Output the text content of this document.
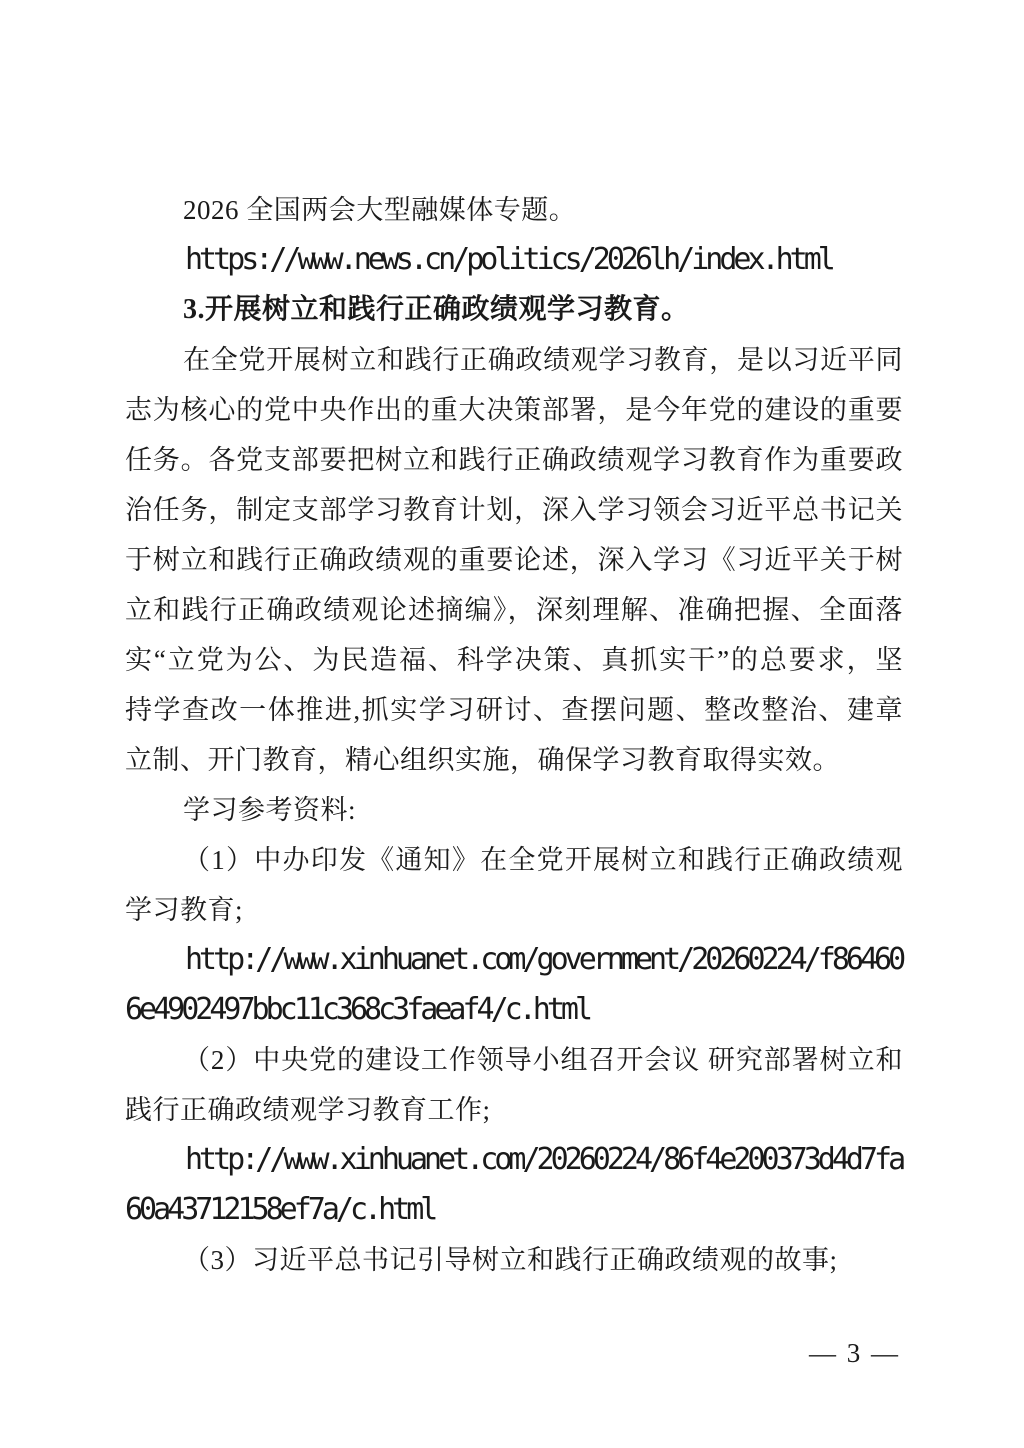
2026 全国两会大型融媒体专题。
https://www.news.cn/politics/2026lh/index.html
3.开展树立和践行正确政绩观学习教育。
在全党开展树立和践行正确政绩观学习教育，是以习近平同
志为核心的党中央作出的重大决策部署，是今年党的建设的重要
任务。各党支部要把树立和践行正确政绩观学习教育作为重要政
治任务，制定支部学习教育计划，深入学习领会习近平总书记关
于树立和践行正确政绩观的重要论述，深入学习《习近平关于树
立和践行正确政绩观论述摘编》，深刻理解、准确把握、全面落
实“立党为公、为民造福、科学决策、真抓实干”的总要求，坚
持学查改一体推进,抓实学习研讨、查摆问题、整改整治、建章
立制、开门教育，精心组织实施，确保学习教育取得实效。
学习参考资料:
（1）中办印发《通知》在全党开展树立和践行正确政绩观
学习教育;
http://www.xinhuanet.com/government/20260224/f86460
6e4902497bbc11c368c3faeaf4/c.html
（2）中央党的建设工作领导小组召开会议 研究部署树立和
践行正确政绩观学习教育工作;
http://www.xinhuanet.com/20260224/86f4e200373d4d7fa
60a43712158ef7a/c.html
（3）习近平总书记引导树立和践行正确政绩观的故事;
— 3 —
